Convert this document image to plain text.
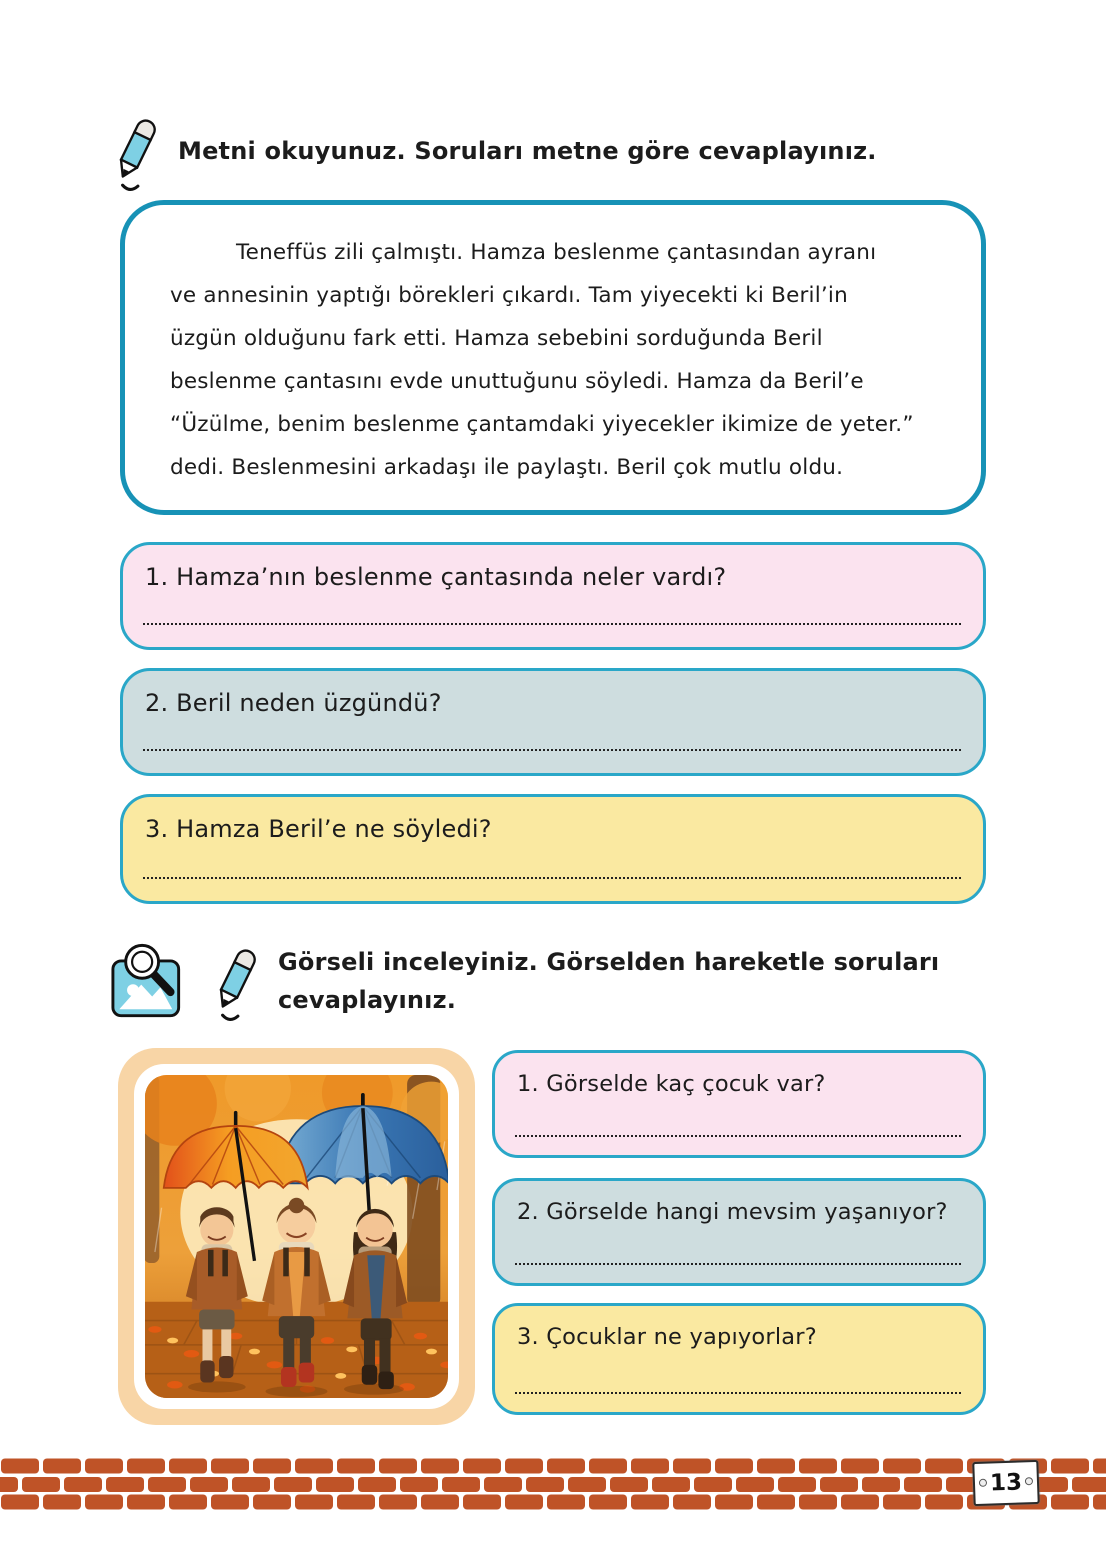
Metni okuyunuz. Soruları metne göre cevaplayınız.
Teneffüs zili çalmıştı. Hamza beslenme çantasından ayranı
ve annesinin yaptığı börekleri çıkardı. Tam yiyecekti ki Beril’in
üzgün olduğunu fark etti. Hamza sebebini sorduğunda Beril
beslenme çantasını evde unuttuğunu söyledi. Hamza da Beril’e
“Üzülme, benim beslenme çantamdaki yiyecekler ikimize de yeter.”
dedi. Beslenmesini arkadaşı ile paylaştı. Beril çok mutlu oldu.
1. Hamza’nın beslenme çantasında neler vardı?
2. Beril neden üzgündü?
3. Hamza Beril’e ne söyledi?
Görseli inceleyiniz. Görselden hareketle soruları
cevaplayınız.
1. Görselde kaç çocuk var?
2. Görselde hangi mevsim yaşanıyor?
3. Çocuklar ne yapıyorlar?
13
